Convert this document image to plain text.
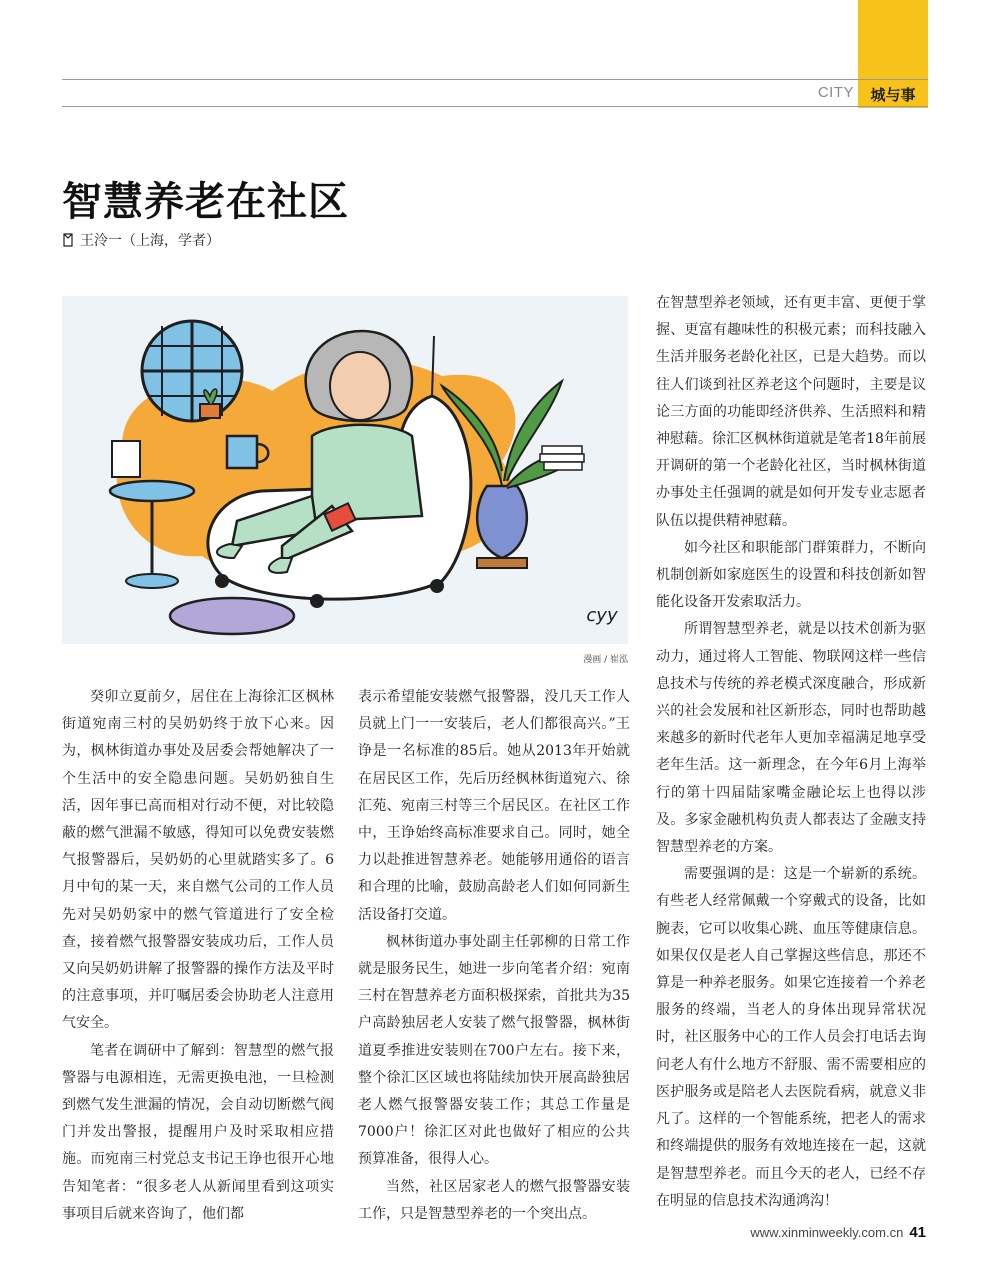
CITY	城与事
智慧养老在社区
王泠一（上海，学者）
cyy
漫画 / 崔泓

癸卯立夏前夕，居住在上海徐汇区枫林街道宛南三村的吴奶奶终于放下心来。因为，枫林街道办事处及居委会帮她解决了一个生活中的安全隐患问题。吴奶奶独自生活，因年事已高而相对行动不便，对比较隐蔽的燃气泄漏不敏感，得知可以免费安装燃气报警器后，吴奶奶的心里就踏实多了。6月中旬的某一天，来自燃气公司的工作人员先对吴奶奶家中的燃气管道进行了安全检查，接着燃气报警器安装成功后，工作人员又向吴奶奶讲解了报警器的操作方法及平时的注意事项，并叮嘱居委会协助老人注意用气安全。

笔者在调研中了解到：智慧型的燃气报警器与电源相连，无需更换电池，一旦检测到燃气发生泄漏的情况，会自动切断燃气阀门并发出警报，提醒用户及时采取相应措施。而宛南三村党总支书记王诤也很开心地告知笔者：“很多老人从新闻里看到这项实事项目后就来咨询了，他们都

表示希望能安装燃气报警器，没几天工作人员就上门一一安装后，老人们都很高兴。”王诤是一名标准的85后。她从2013年开始就在居民区工作，先后历经枫林街道宛六、徐汇苑、宛南三村等三个居民区。在社区工作中，王诤始终高标准要求自己。同时，她全力以赴推进智慧养老。她能够用通俗的语言和合理的比喻，鼓励高龄老人们如何同新生活设备打交道。

枫林街道办事处副主任郭柳的日常工作就是服务民生，她进一步向笔者介绍：宛南三村在智慧养老方面积极探索，首批共为35户高龄独居老人安装了燃气报警器，枫林街道夏季推进安装则在700户左右。接下来，整个徐汇区区域也将陆续加快开展高龄独居老人燃气报警器安装工作；其总工作量是7000户！徐汇区对此也做好了相应的公共预算准备，很得人心。

当然，社区居家老人的燃气报警器安装工作，只是智慧型养老的一个突出点。

在智慧型养老领域，还有更丰富、更便于掌握、更富有趣味性的积极元素；而科技融入生活并服务老龄化社区，已是大趋势。而以往人们谈到社区养老这个问题时，主要是议论三方面的功能即经济供养、生活照料和精神慰藉。徐汇区枫林街道就是笔者18年前展开调研的第一个老龄化社区，当时枫林街道办事处主任强调的就是如何开发专业志愿者队伍以提供精神慰藉。

如今社区和职能部门群策群力，不断向机制创新如家庭医生的设置和科技创新如智能化设备开发索取活力。

所谓智慧型养老，就是以技术创新为驱动力，通过将人工智能、物联网这样一些信息技术与传统的养老模式深度融合，形成新兴的社会发展和社区新形态，同时也帮助越来越多的新时代老年人更加幸福满足地享受老年生活。这一新理念，在今年6月上海举行的第十四届陆家嘴金融论坛上也得以涉及。多家金融机构负责人都表达了金融支持智慧型养老的方案。

需要强调的是：这是一个崭新的系统。有些老人经常佩戴一个穿戴式的设备，比如腕表，它可以收集心跳、血压等健康信息。如果仅仅是老人自己掌握这些信息，那还不算是一种养老服务。如果它连接着一个养老服务的终端，当老人的身体出现异常状况时，社区服务中心的工作人员会打电话去询问老人有什么地方不舒服、需不需要相应的医护服务或是陪老人去医院看病，就意义非凡了。这样的一个智能系统，把老人的需求和终端提供的服务有效地连接在一起，这就是智慧型养老。而且今天的老人，已经不存在明显的信息技术沟通鸿沟！

www.xinminweekly.com.cn 41
